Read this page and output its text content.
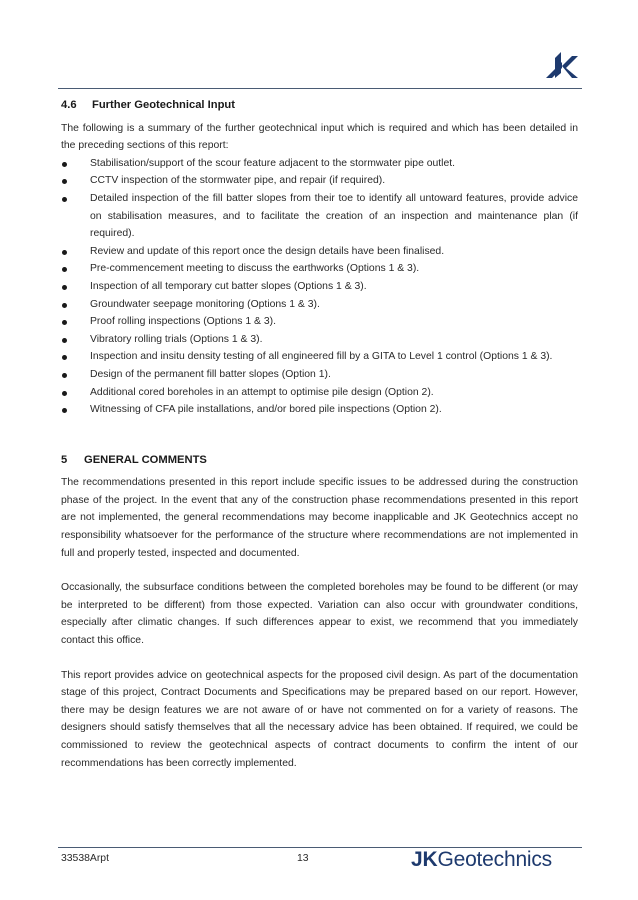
4.6	Further Geotechnical Input
The following is a summary of the further geotechnical input which is required and which has been detailed in the preceding sections of this report:
Stabilisation/support of the scour feature adjacent to the stormwater pipe outlet.
CCTV inspection of the stormwater pipe, and repair (if required).
Detailed inspection of the fill batter slopes from their toe to identify all untoward features, provide advice on stabilisation measures, and to facilitate the creation of an inspection and maintenance plan (if required).
Review and update of this report once the design details have been finalised.
Pre-commencement meeting to discuss the earthworks (Options 1 & 3).
Inspection of all temporary cut batter slopes (Options 1 & 3).
Groundwater seepage monitoring (Options 1 & 3).
Proof rolling inspections (Options 1 & 3).
Vibratory rolling trials (Options 1 & 3).
Inspection and insitu density testing of all engineered fill by a GITA to Level 1 control (Options 1 & 3).
Design of the permanent fill batter slopes (Option 1).
Additional cored boreholes in an attempt to optimise pile design (Option 2).
Witnessing of CFA pile installations, and/or bored pile inspections (Option 2).
5	GENERAL COMMENTS
The recommendations presented in this report include specific issues to be addressed during the construction phase of the project. In the event that any of the construction phase recommendations presented in this report are not implemented, the general recommendations may become inapplicable and JK Geotechnics accept no responsibility whatsoever for the performance of the structure where recommendations are not implemented in full and properly tested, inspected and documented.
Occasionally, the subsurface conditions between the completed boreholes may be found to be different (or may be interpreted to be different) from those expected. Variation can also occur with groundwater conditions, especially after climatic changes. If such differences appear to exist, we recommend that you immediately contact this office.
This report provides advice on geotechnical aspects for the proposed civil design. As part of the documentation stage of this project, Contract Documents and Specifications may be prepared based on our report. However, there may be design features we are not aware of or have not commented on for a variety of reasons. The designers should satisfy themselves that all the necessary advice has been obtained. If required, we could be commissioned to review the geotechnical aspects of contract documents to confirm the intent of our recommendations has been correctly implemented.
33538Arpt	13	JKGeotechnics
